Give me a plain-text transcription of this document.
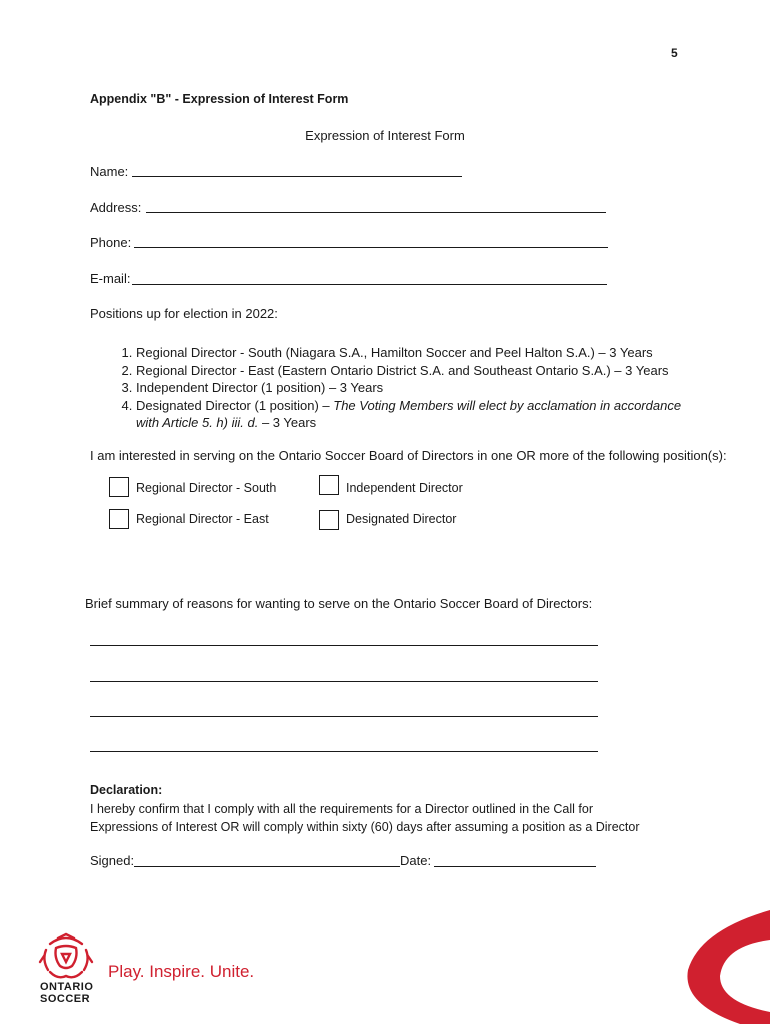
5
Appendix "B" - Expression of Interest Form
Expression of Interest Form
Name:
Address:
Phone:
E-mail:
Positions up for election in 2022:
1. Regional Director - South (Niagara S.A., Hamilton Soccer and Peel Halton S.A.) – 3 Years
2. Regional Director - East (Eastern Ontario District S.A. and Southeast Ontario S.A.) – 3 Years
3. Independent Director (1 position) – 3 Years
4. Designated Director (1 position) – The Voting Members will elect by acclamation in accordance with Article 5. h) iii. d. – 3 Years
I am interested in serving on the Ontario Soccer Board of Directors in one OR more of the following position(s):
Regional Director - South	Independent Director
Regional Director - East	Designated Director
Brief summary of reasons for wanting to serve on the Ontario Soccer Board of Directors:
Declaration:
I hereby confirm that I comply with all the requirements for a Director outlined in the Call for
Expressions of Interest OR will comply within sixty (60) days after assuming a position as a Director
Signed:	Date:
ONTARIO
SOCCER
Play. Inspire. Unite.
